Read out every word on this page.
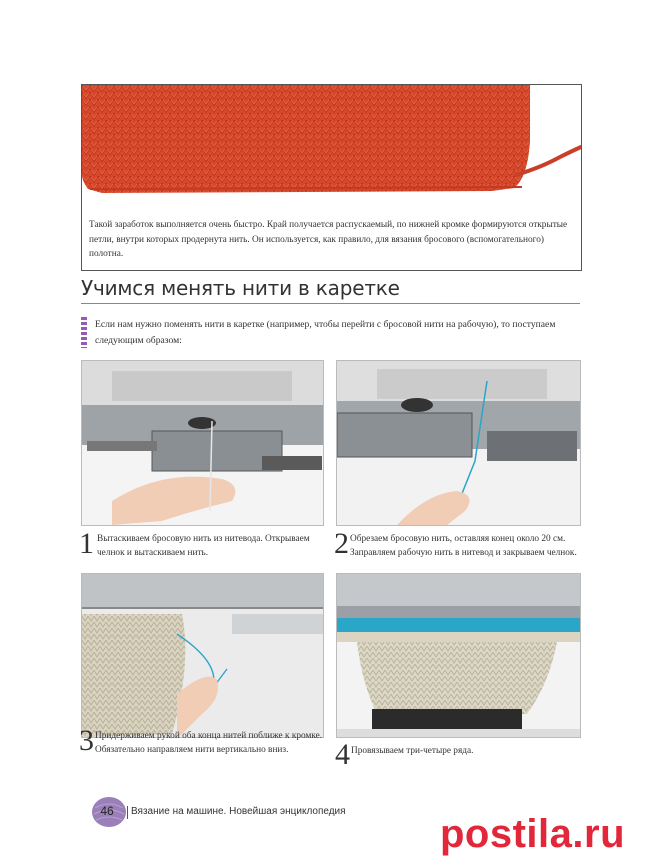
Такой заработок выполняется очень быстро. Край получается распускаемый, по нижней кромке формируются открытые петли, внутри которых продернута нить. Он используется, как правило, для вязания бросового (вспомогательного) полотна.
Учимся менять нити в каретке
Если нам нужно поменять нити в каретке (например, чтобы перейти с бросовой нити на рабочую), то поступаем следующим образом:
1 Вытаскиваем бросовую нить из нитевода. Открываем челнок и вытаскиваем нить.	2 Обрезаем бросовую нить, оставляя конец около 20 см. Заправляем рабочую нить в нитевод и закрываем челнок.
3 Придерживаем рукой оба конца нитей поближе к кромке. Обязательно направляем нити вертикально вниз.	4 Провязываем три-четыре ряда.
46	Вязание на машине. Новейшая энциклопедия
postila.ru
